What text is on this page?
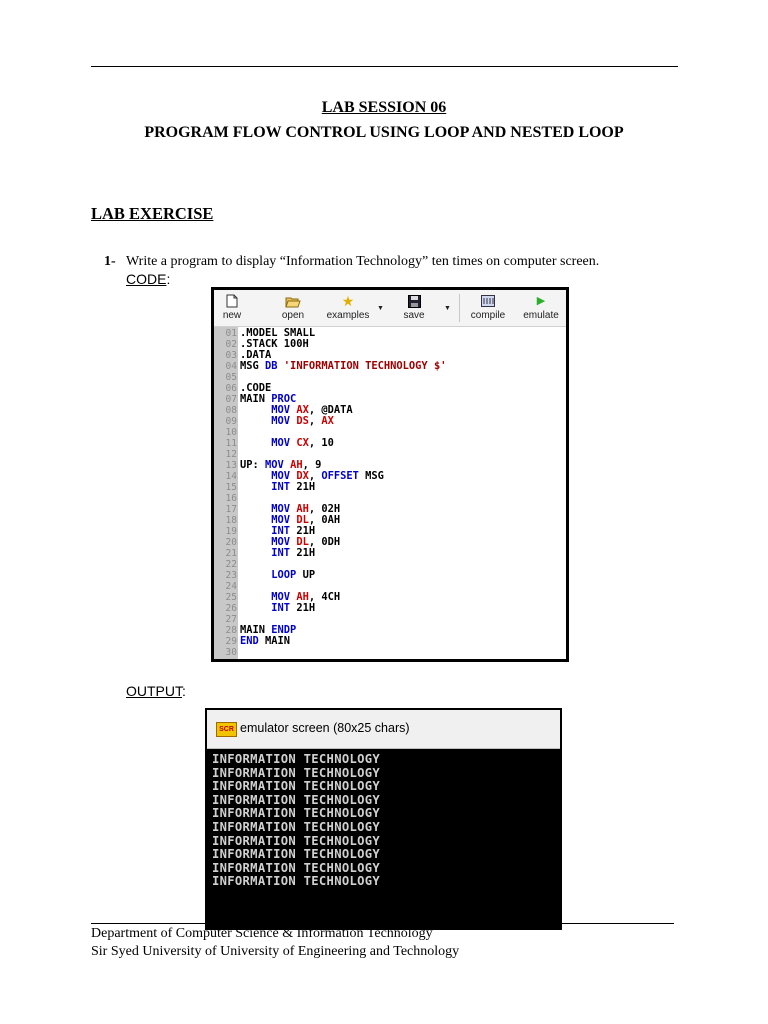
LAB SESSION 06
PROGRAM FLOW CONTROL USING LOOP AND NESTED LOOP
LAB EXERCISE
1- Write a program to display “Information Technology” ten times on computer screen.
CODE:
new	open
★
examples
▼
save
▼
compile
▶
emulate
01 .MODEL SMALL
02 .STACK 100H
03 .DATA
04 MSG DB 'INFORMATION TECHNOLOGY $'
05
06 .CODE
07 MAIN PROC
08 MOV AX, @DATA
09 MOV DS, AX
10
11 MOV CX, 10
12
13 UP: MOV AH, 9
14 MOV DX, OFFSET MSG
15 INT 21H
16
17 MOV AH, 02H
18 MOV DL, 0AH
19 INT 21H
20 MOV DL, 0DH
21 INT 21H
22
23 LOOP UP
24
25 MOV AH, 4CH
26 INT 21H
27
28 MAIN ENDP
29 END MAIN
30
OUTPUT:
SCR emulator screen (80x25 chars)
INFORMATION TECHNOLOGY
INFORMATION TECHNOLOGY
INFORMATION TECHNOLOGY
INFORMATION TECHNOLOGY
INFORMATION TECHNOLOGY
INFORMATION TECHNOLOGY
INFORMATION TECHNOLOGY
INFORMATION TECHNOLOGY
INFORMATION TECHNOLOGY
INFORMATION TECHNOLOGY
Department of Computer Science & Information Technology
Sir Syed University of University of Engineering and Technology
